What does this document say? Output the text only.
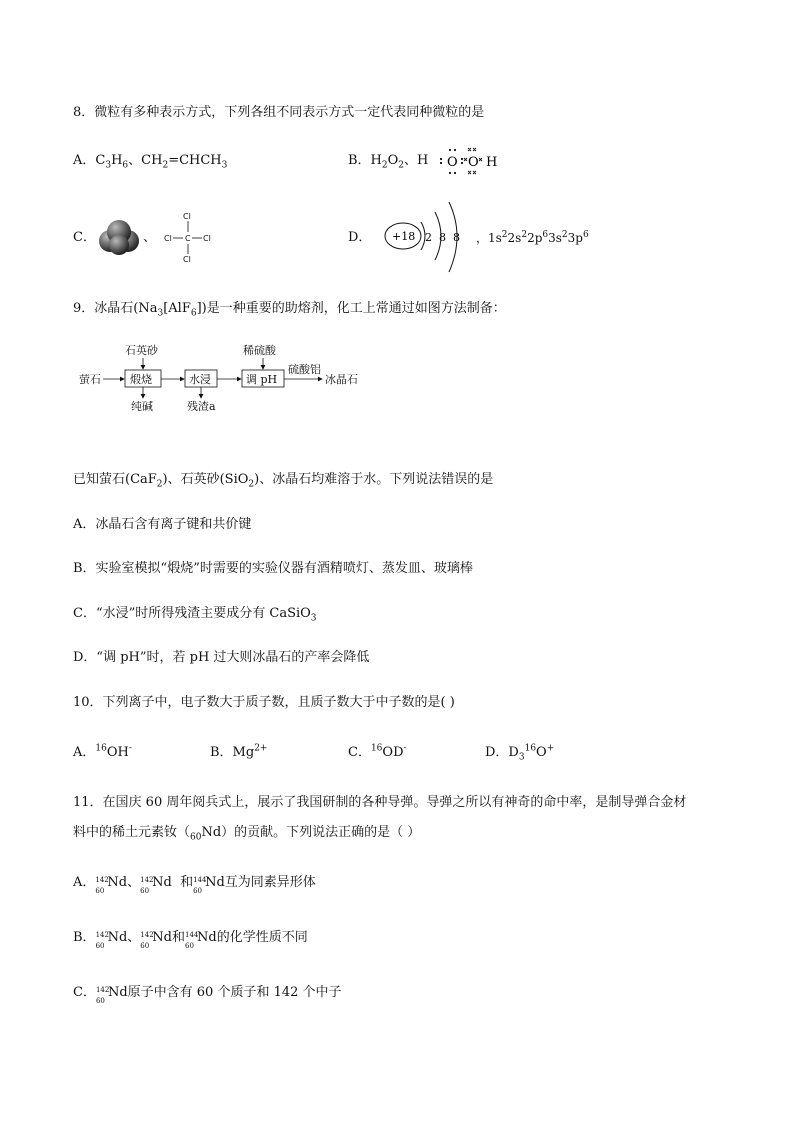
8．微粒有多种表示方式，下列各组不同表示方式一定代表同种微粒的是
A．$C_3H_6$、$CH_2=CHCH_3$	B．$H_2O_2$、H O O H
C．	、
Cl
C
Cl	Cl
Cl
D． +18 2 8 8 ，$1s^22s^22p^63s^23p^6$
9．冰晶石$(Na_3[AlF_6])$是一种重要的助熔剂，化工上常通过如图方法制备：
萤石	煅烧
石英砂
纯碱
水浸
残渣a
调 pH
稀硫酸
硫酸铝
冰晶石
已知萤石(CaF$_2$)、石英砂(SiO$_2$)、冰晶石均难溶于水。下列说法错误的是
A．冰晶石含有离子键和共价键
B．实验室模拟“煅烧”时需要的实验仪器有酒精喷灯、蒸发皿、玻璃棒
C．“水浸”时所得残渣主要成分有 CaSiO$_3$
D．“调 pH”时，若 pH 过大则冰晶石的产率会降低
10．下列离子中，电子数大于质子数，且质子数大于中子数的是( )
A．$^{16}$OH-	B．$Mg^{2+}$	C．$^{16}$OD-	D．$D_3^{16}O^+$
11．在国庆 60 周年阅兵式上，展示了我国研制的各种导弹。导弹之所以有神奇的命中率，是制导弹合金材
料中的稀土元素钕$(_{60}Nd)$的贡献。下列说法正确的是（ ）
A． 142
60
Nd、 142
60
Nd 和 144
60
Nd互为同素异形体
B． 142
60
Nd、 142
60
Nd和 144
60
Nd的化学性质不同
C． 142
60
Nd原子中含有 60 个质子和 142 个中子
